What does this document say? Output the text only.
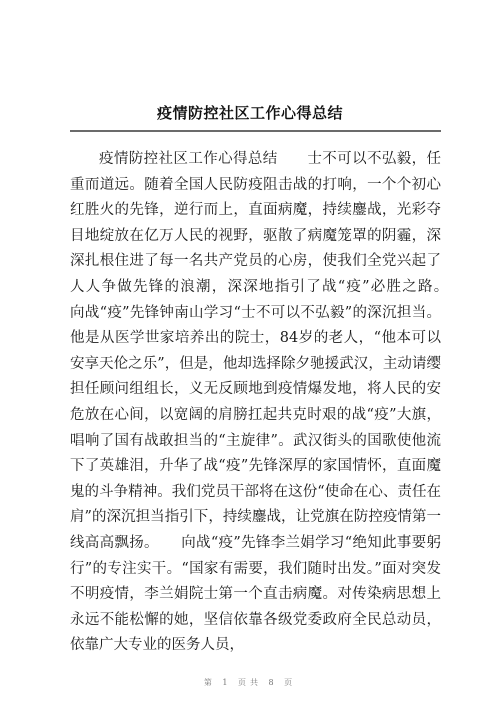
疫情防控社区工作心得总结

疫情防控社区工作心得总结　　士不可以不弘毅，任重而道远。随着全国人民防疫阻击战的打响，一个个初心红胜火的先锋，逆行而上，直面病魔，持续鏖战，光彩夺目地绽放在亿万人民的视野，驱散了病魔笼罩的阴霾，深深扎根住进了每一名共产党员的心房，使我们全党兴起了人人争做先锋的浪潮，深深地指引了战“疫”必胜之路。　　向战“疫”先锋钟南山学习“士不可以不弘毅”的深沉担当。他是从医学世家培养出的院士，84岁的老人，“他本可以安享天伦之乐”，但是，他却选择除夕驰援武汉，主动请缨担任顾问组组长，义无反顾地到疫情爆发地，将人民的安危放在心间，以宽阔的肩膀扛起共克时艰的战“疫”大旗，唱响了国有战敢担当的“主旋律”。武汉街头的国歌使他流下了英雄泪，升华了战“疫”先锋深厚的家国情怀，直面魔鬼的斗争精神。我们党员干部将在这份“使命在心、责任在肩”的深沉担当指引下，持续鏖战，让党旗在防控疫情第一线高高飘扬。　　向战“疫”先锋李兰娟学习“绝知此事要躬行”的专注实干。“国家有需要，我们随时出发。”面对突发不明疫情，李兰娟院士第一个直击病魔。对传染病思想上永远不能松懈的她，坚信依靠各级党委政府全民总动员，依靠广大专业的医务人员，

第 1 页共 8 页
